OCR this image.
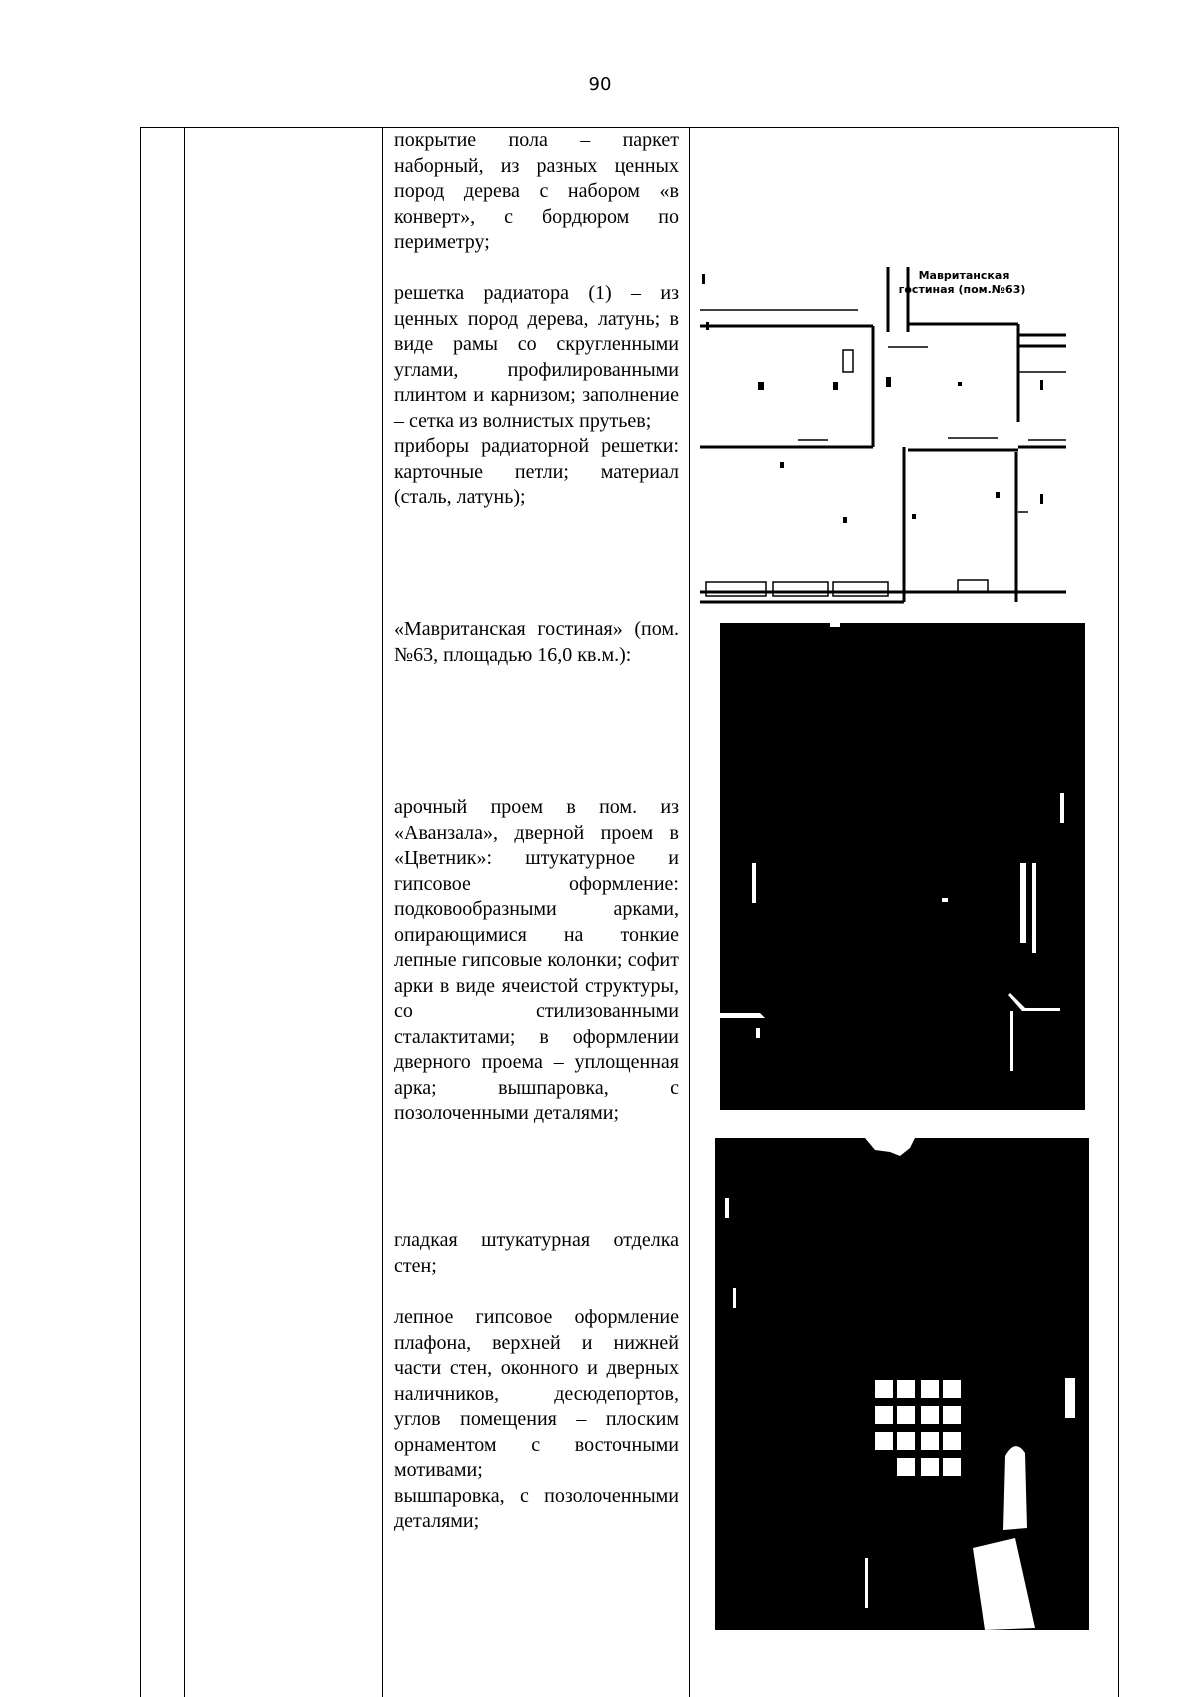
90
покрытие пола – паркет наборный, из разных ценных пород дерева с набором «в конверт», с бордюром по периметру;
решетка радиатора (1) – из ценных пород дерева, латунь; в виде рамы со скругленными углами, профилированными плинтом и карнизом; заполнение – сетка из волнистых прутьев;
приборы радиаторной решетки: карточные петли; материал (сталь, латунь);
«Мавританская гостиная» (пом. №63, площадью 16,0 кв.м.):
арочный проем в пом. из «Аванзала», дверной проем в «Цветник»: штукатурное и гипсовое оформление: подковообразными арками, опирающимися на тонкие лепные гипсовые колонки; софит арки в виде ячеистой структуры, со стилизованными сталактитами; в оформлении дверного проема – уплощенная арка; вышпаровка, с позолоченными деталями;
гладкая штукатурная отделка стен;
лепное гипсовое оформление плафона, верхней и нижней части стен, оконного и дверных наличников, десюдепортов, углов помещения – плоским орнаментом с восточными мотивами;
вышпаровка, с позолоченными деталями;
Мавританская
гостиная (пом.№63)
